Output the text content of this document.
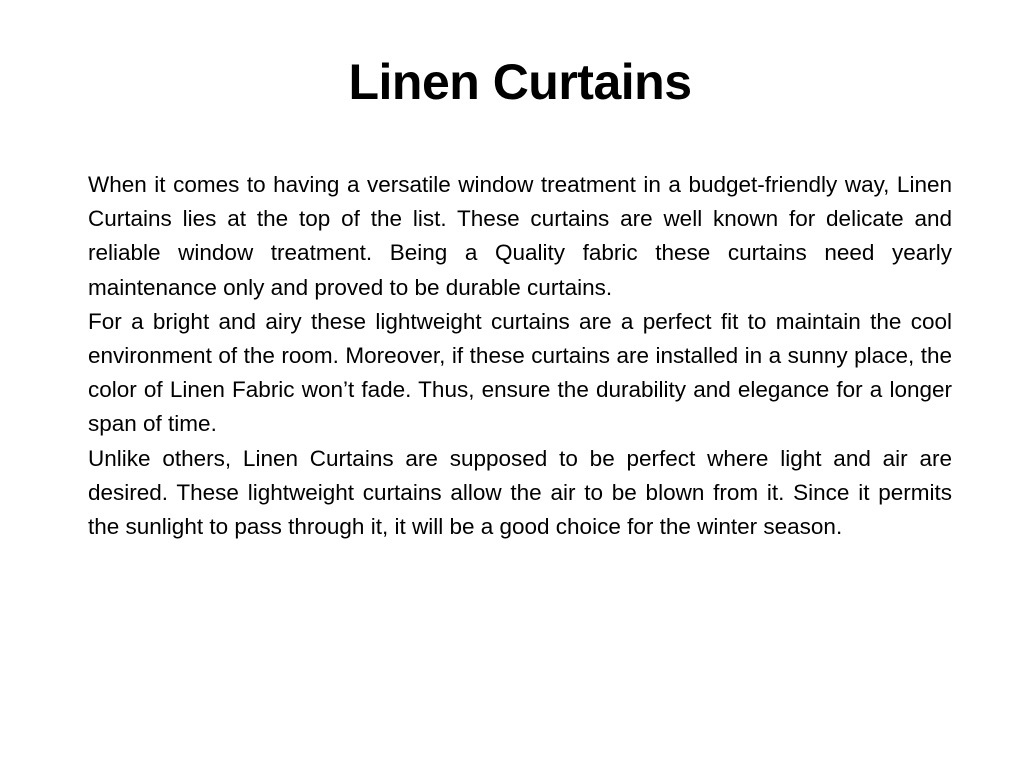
Linen Curtains

When it comes to having a versatile window treatment in a budget-friendly way, Linen Curtains lies at the top of the list. These curtains are well known for delicate and reliable window treatment. Being a Quality fabric these curtains need yearly maintenance only and proved to be durable curtains.

For a bright and airy these lightweight curtains are a perfect fit to maintain the cool environment of the room. Moreover, if these curtains are installed in a sunny place, the color of Linen Fabric won’t fade. Thus, ensure the durability and elegance for a longer span of time.

Unlike others, Linen Curtains are supposed to be perfect where light and air are desired. These lightweight curtains allow the air to be blown from it. Since it permits the sunlight to pass through it, it will be a good choice for the winter season.
